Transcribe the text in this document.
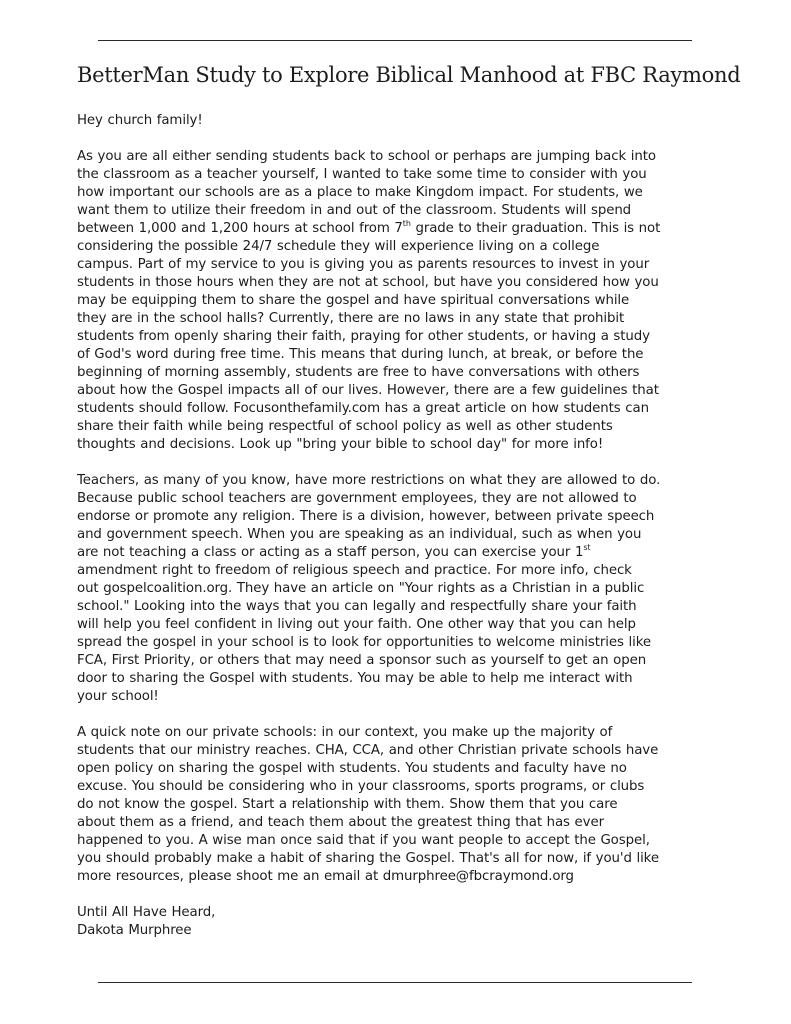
BetterMan Study to Explore Biblical Manhood at FBC Raymond

Hey church family!

As you are all either sending students back to school or perhaps are jumping back into
the classroom as a teacher yourself, I wanted to take some time to consider with you
how important our schools are as a place to make Kingdom impact. For students, we
want them to utilize their freedom in and out of the classroom. Students will spend
between 1,000 and 1,200 hours at school from 7th grade to their graduation. This is not
considering the possible 24/7 schedule they will experience living on a college
campus. Part of my service to you is giving you as parents resources to invest in your
students in those hours when they are not at school, but have you considered how you
may be equipping them to share the gospel and have spiritual conversations while
they are in the school halls? Currently, there are no laws in any state that prohibit
students from openly sharing their faith, praying for other students, or having a study
of God's word during free time. This means that during lunch, at break, or before the
beginning of morning assembly, students are free to have conversations with others
about how the Gospel impacts all of our lives. However, there are a few guidelines that
students should follow. Focusonthefamily.com has a great article on how students can
share their faith while being respectful of school policy as well as other students
thoughts and decisions. Look up "bring your bible to school day" for more info!

Teachers, as many of you know, have more restrictions on what they are allowed to do.
Because public school teachers are government employees, they are not allowed to
endorse or promote any religion. There is a division, however, between private speech
and government speech. When you are speaking as an individual, such as when you
are not teaching a class or acting as a staff person, you can exercise your 1st
amendment right to freedom of religious speech and practice. For more info, check
out gospelcoalition.org. They have an article on "Your rights as a Christian in a public
school." Looking into the ways that you can legally and respectfully share your faith
will help you feel confident in living out your faith. One other way that you can help
spread the gospel in your school is to look for opportunities to welcome ministries like
FCA, First Priority, or others that may need a sponsor such as yourself to get an open
door to sharing the Gospel with students. You may be able to help me interact with
your school!

A quick note on our private schools: in our context, you make up the majority of
students that our ministry reaches. CHA, CCA, and other Christian private schools have
open policy on sharing the gospel with students. You students and faculty have no
excuse. You should be considering who in your classrooms, sports programs, or clubs
do not know the gospel. Start a relationship with them. Show them that you care
about them as a friend, and teach them about the greatest thing that has ever
happened to you. A wise man once said that if you want people to accept the Gospel,
you should probably make a habit of sharing the Gospel. That's all for now, if you'd like
more resources, please shoot me an email at dmurphree@fbcraymond.org

Until All Have Heard,
Dakota Murphree
